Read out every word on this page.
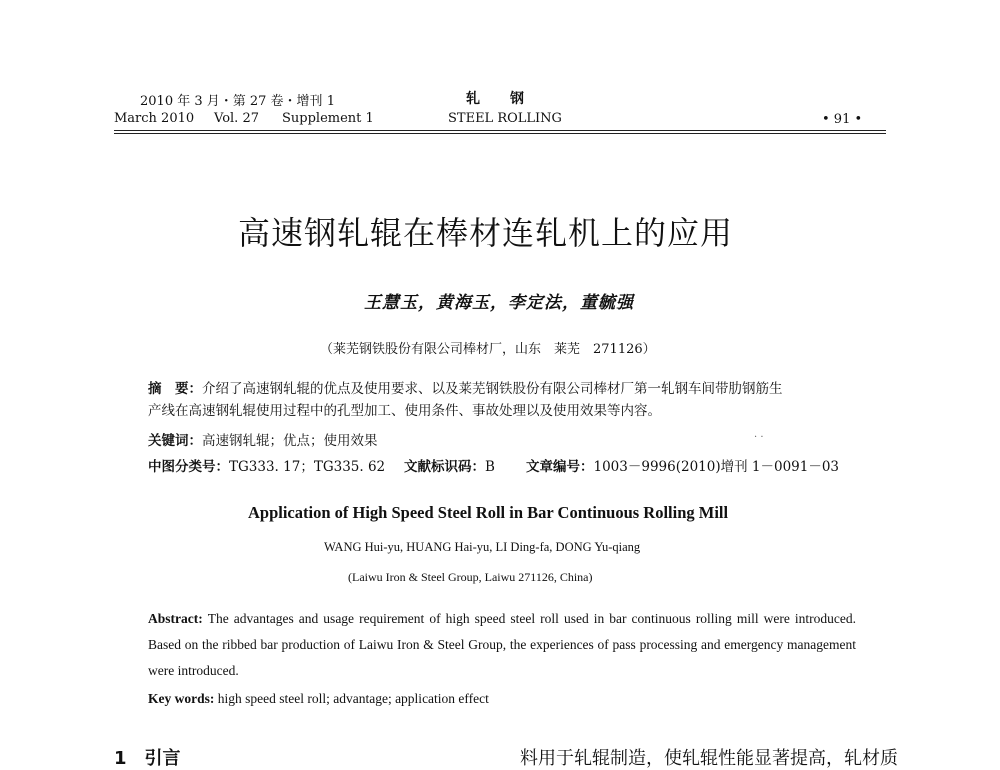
2010 年 3 月・第 27 卷・增刊 1	轧钢
March 2010 Vol. 27 Supplement 1	STEEL ROLLING	• 91 •
高速钢轧辊在棒材连轧机上的应用
王慧玉，黄海玉，李定法，董毓强
（莱芜钢铁股份有限公司棒材厂，山东　莱芜　271126）
摘　要：介绍了高速钢轧辊的优点及使用要求、以及莱芜钢铁股份有限公司棒材厂第一轧钢车间带肋钢筋生
产线在高速钢轧辊使用过程中的孔型加工、使用条件、事故处理以及使用效果等内容。
关键词：高速钢轧辊；优点；使用效果	· ·
中图分类号：TG333. 17；TG335. 62 文献标识码：B 文章编号：1003－9996(2010)增刊 1－0091－03
Application of High Speed Steel Roll in Bar Continuous Rolling Mill
WANG Hui-yu, HUANG Hai-yu, LI Ding-fa, DONG Yu-qiang
(Laiwu Iron & Steel Group, Laiwu 271126, China)
Abstract: The advantages and usage requirement of high speed steel roll used in bar continuous rolling mill were introduced. Based on the ribbed bar production of Laiwu Iron & Steel Group, the experiences of pass processing and emergency management were introduced.
Key words: high speed steel roll; advantage; application effect
1　引言	料用于轧辊制造，使轧辊性能显著提高，轧材质
